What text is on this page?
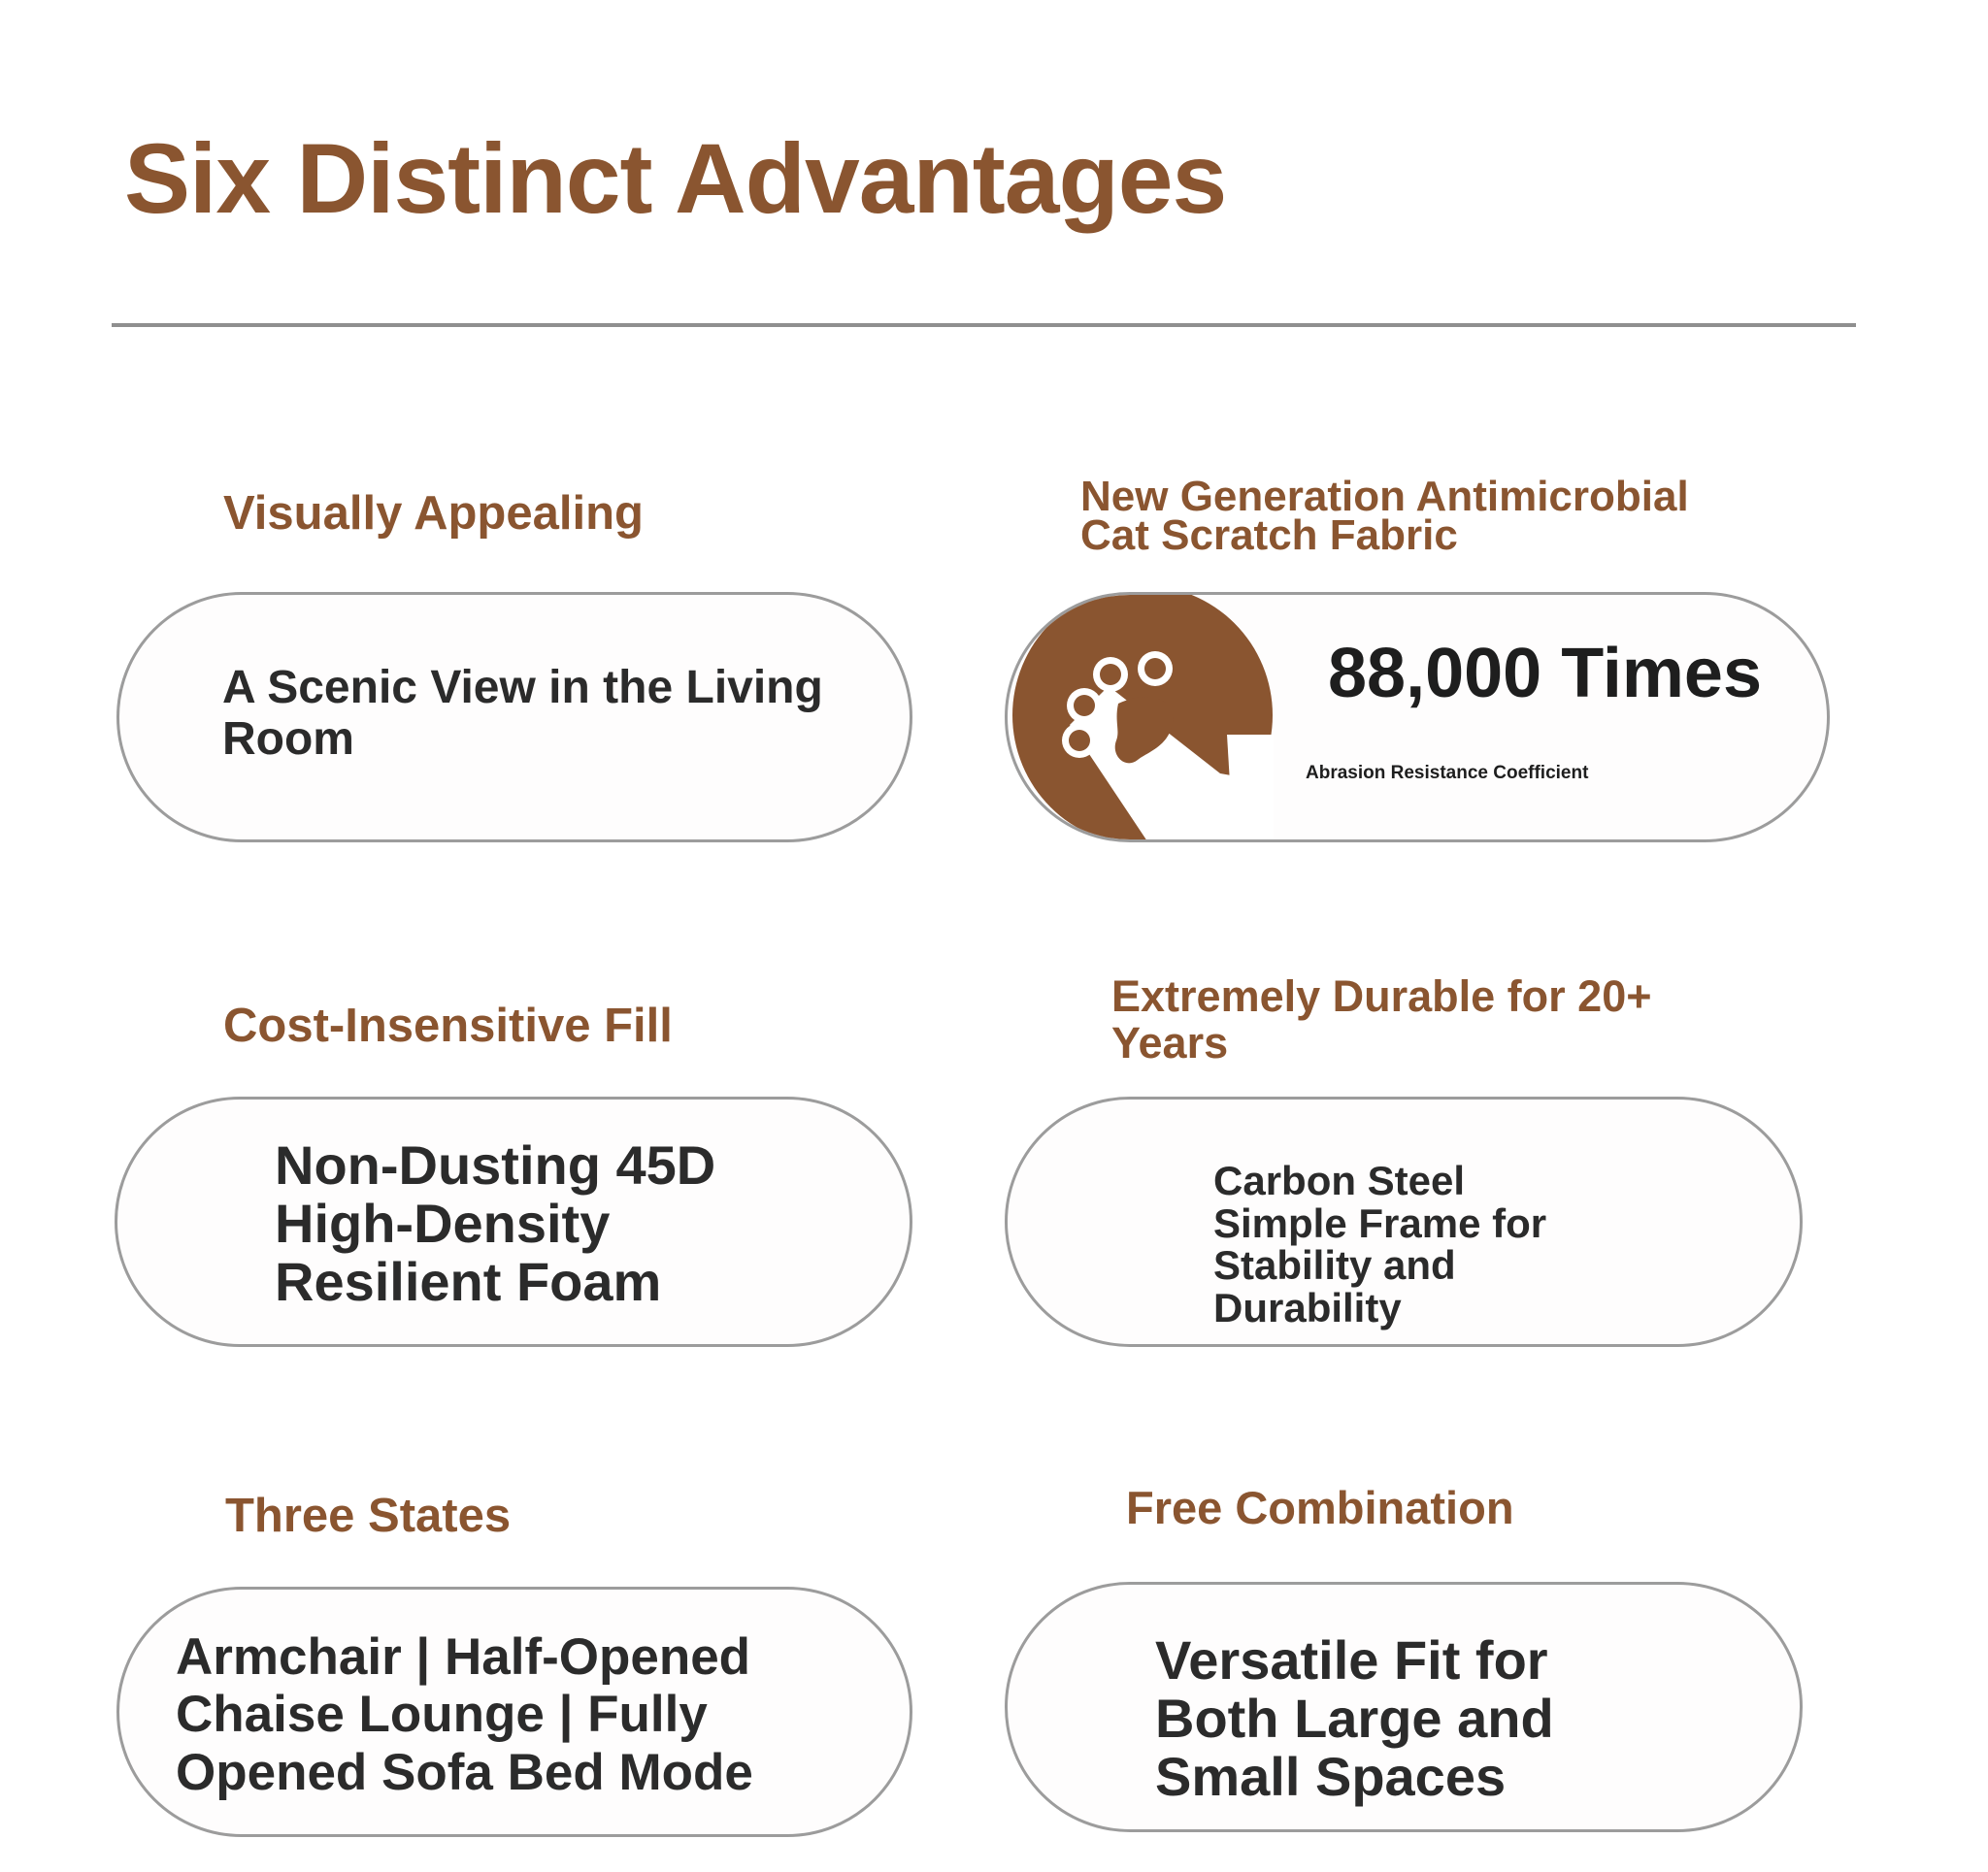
Six Distinct Advantages
Visually Appealing

A Scenic View in the Living Room

New Generation Antimicrobial Cat Scratch Fabric

88,000 Times

Abrasion Resistance Coefficient

Cost-Insensitive Fill

Non-Dusting 45D High-Density Resilient Foam

Extremely Durable for 20+ Years

Carbon Steel Simple Frame for Stability and Durability

Three States

Armchair | Half-Opened Chaise Lounge | Fully Opened Sofa Bed Mode

Free Combination

Versatile Fit for Both Large and Small Spaces
